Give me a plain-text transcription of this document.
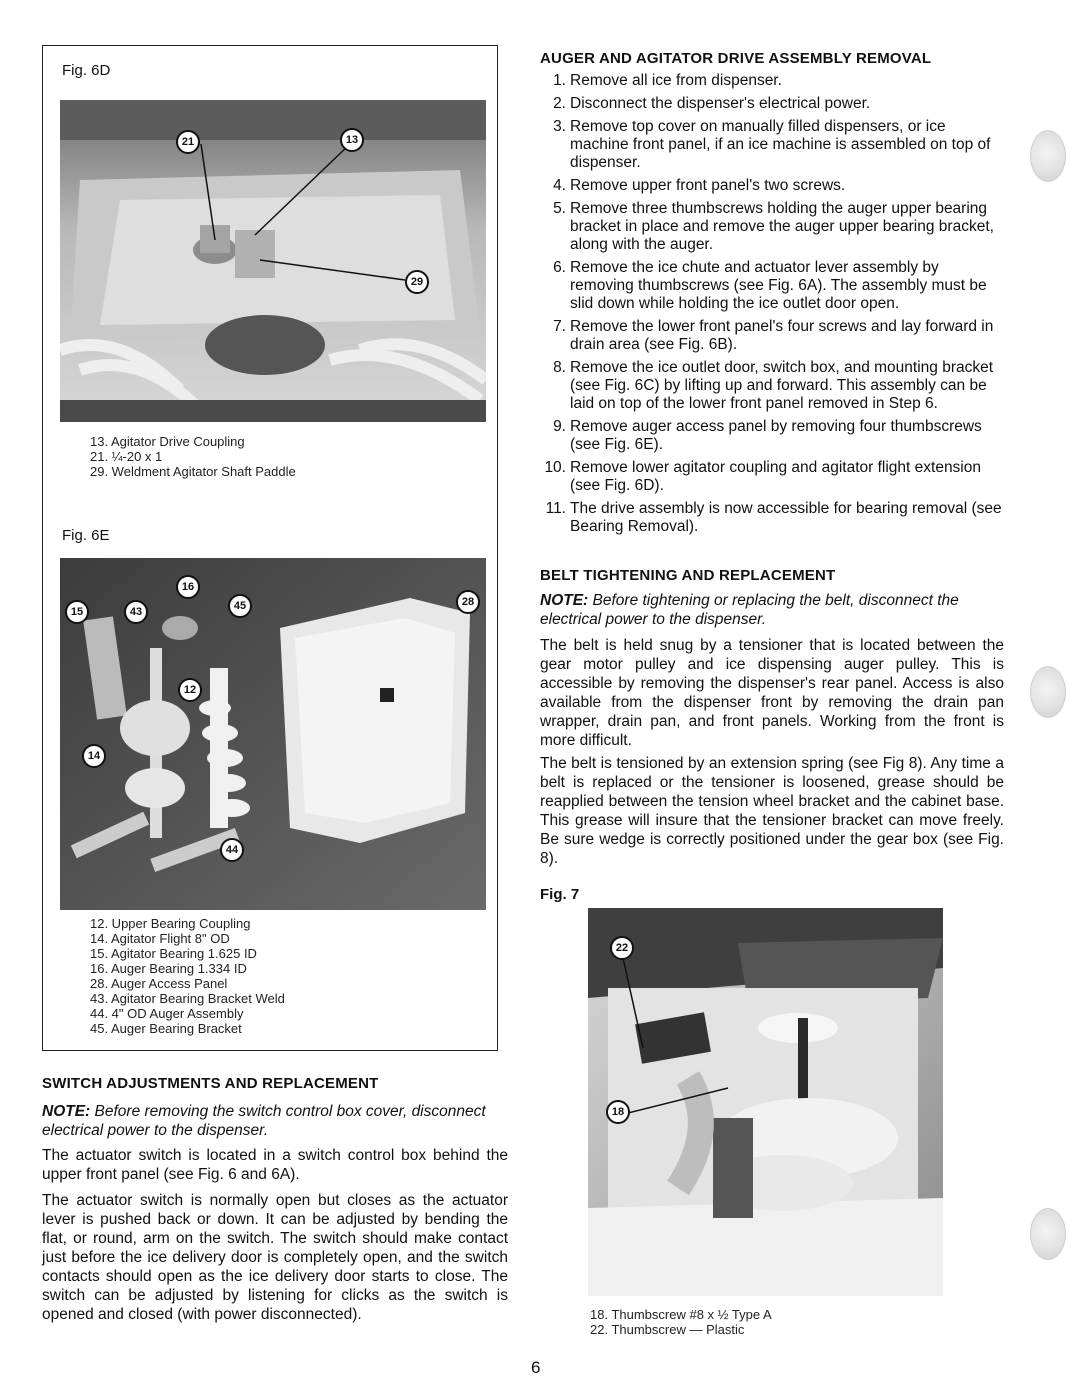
Fig. 6D
21	13
29
13. Agitator Drive Coupling
21. ¼-20 x 1
29. Weldment Agitator Shaft Paddle
Fig. 6E
16
15	43	45	28
12
14
44
12. Upper Bearing Coupling
14. Agitator Flight 8" OD
15. Agitator Bearing 1.625 ID
16. Auger Bearing 1.334 ID
28. Auger Access Panel
43. Agitator Bearing Bracket Weld
44. 4" OD Auger Assembly
45. Auger Bearing Bracket
SWITCH ADJUSTMENTS AND REPLACEMENT
NOTE: Before removing the switch control box cover, disconnect electrical power to the dispenser.
The actuator switch is located in a switch control box behind the upper front panel (see Fig. 6 and 6A).
The actuator switch is normally open but closes as the actuator lever is pushed back or down. It can be adjusted by bending the flat, or round, arm on the switch. The switch should make contact just before the ice delivery door is completely open, and the switch contacts should open as the ice delivery door starts to close. The switch can be adjusted by listening for clicks as the switch is opened and closed (with power disconnected).
AUGER AND AGITATOR DRIVE ASSEMBLY REMOVAL
1. Remove all ice from dispenser.
2. Disconnect the dispenser's electrical power.
3. Remove top cover on manually filled dispensers, or ice machine front panel, if an ice machine is assembled on top of dispenser.
4. Remove upper front panel's two screws.
5. Remove three thumbscrews holding the auger upper bearing bracket in place and remove the auger upper bearing bracket, along with the auger.
6. Remove the ice chute and actuator lever assembly by removing thumbscrews (see Fig. 6A). The assembly must be slid down while holding the ice outlet door open.
7. Remove the lower front panel's four screws and lay forward in drain area (see Fig. 6B).
8. Remove the ice outlet door, switch box, and mounting bracket (see Fig. 6C) by lifting up and forward. This assembly can be laid on top of the lower front panel removed in Step 6.
9. Remove auger access panel by removing four thumbscrews (see Fig. 6E).
10. Remove lower agitator coupling and agitator flight extension (see Fig. 6D).
11. The drive assembly is now accessible for bearing removal (see Bearing Removal).
BELT TIGHTENING AND REPLACEMENT
NOTE: Before tightening or replacing the belt, disconnect the electrical power to the dispenser.
The belt is held snug by a tensioner that is located between the gear motor pulley and ice dispensing auger pulley. This is accessible by removing the dispenser's rear panel. Access is also available from the dispenser front by removing the drain pan wrapper, drain pan, and front panels. Working from the front is more difficult.
The belt is tensioned by an extension spring (see Fig 8). Any time a belt is replaced or the tensioner is loosened, grease should be reapplied between the tension wheel bracket and the cabinet base. This grease will insure that the tensioner bracket can move freely. Be sure wedge is correctly positioned under the gear box (see Fig. 8).
Fig. 7
22
18
18. Thumbscrew #8 x ½ Type A
22. Thumbscrew — Plastic
6
